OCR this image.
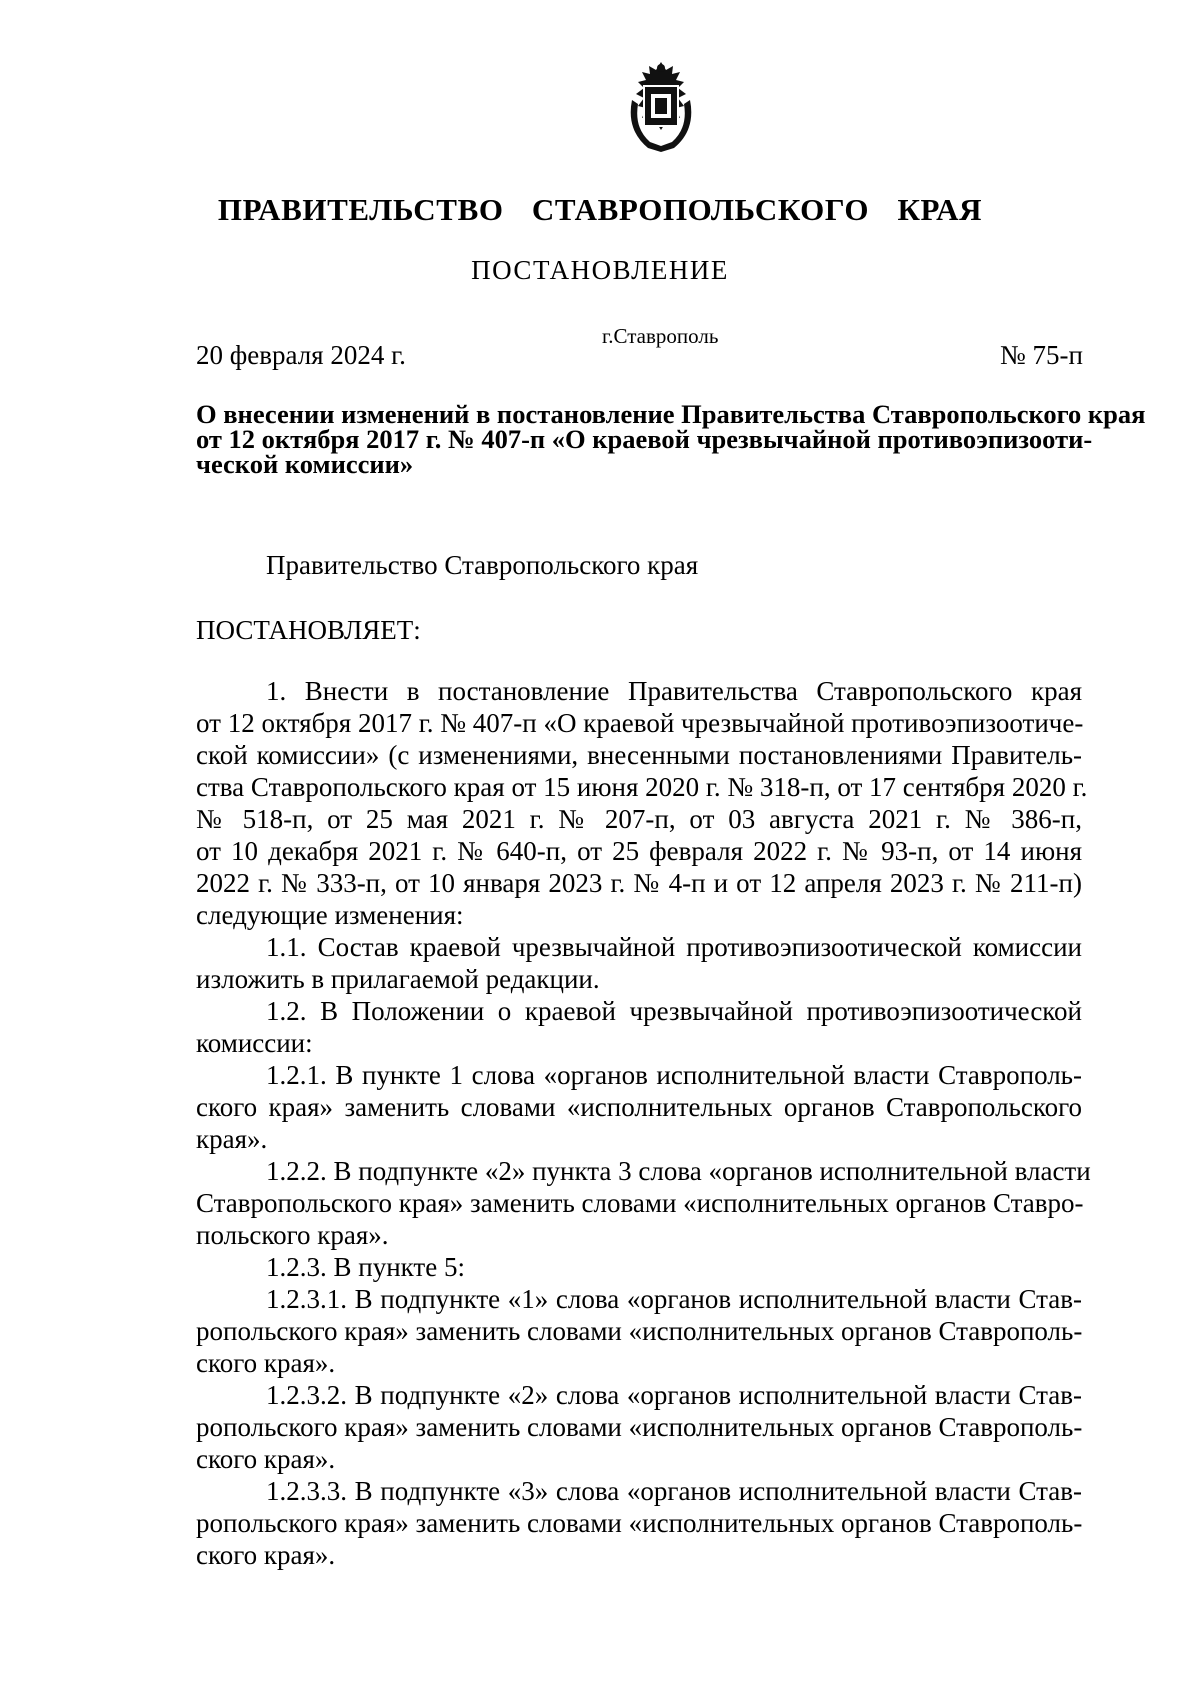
ПРАВИТЕЛЬСТВО СТАВРОПОЛЬСКОГО КРАЯ
ПОСТАНОВЛЕНИЕ
20 февраля 2024 г.
г.Ставрополь
№ 75-п
О внесении изменений в постановление Правительства Ставропольского края
от 12 октября 2017 г. № 407-п «О краевой чрезвычайной противоэпизооти-
ческой комиссии»
Правительство Ставропольского края
ПОСТАНОВЛЯЕТ:
1. Внести в постановление Правительства Ставропольского края
от 12 октября 2017 г. № 407-п «О краевой чрезвычайной противоэпизоотиче-
ской комиссии» (с изменениями, внесенными постановлениями Правитель-
ства Ставропольского края от 15 июня 2020 г. № 318-п, от 17 сентября 2020 г.
№ 518-п, от 25 мая 2021 г. № 207-п, от 03 августа 2021 г. № 386-п,
от 10 декабря 2021 г. № 640-п, от 25 февраля 2022 г. № 93-п, от 14 июня
2022 г. № 333-п, от 10 января 2023 г. № 4-п и от 12 апреля 2023 г. № 211-п)
следующие изменения:
1.1. Состав краевой чрезвычайной противоэпизоотической комиссии
изложить в прилагаемой редакции.
1.2. В Положении о краевой чрезвычайной противоэпизоотической
комиссии:
1.2.1. В пункте 1 слова «органов исполнительной власти Ставрополь-
ского края» заменить словами «исполнительных органов Ставропольского
края».
1.2.2. В подпункте «2» пункта 3 слова «органов исполнительной власти
Ставропольского края» заменить словами «исполнительных органов Ставро-
польского края».
1.2.3. В пункте 5:
1.2.3.1. В подпункте «1» слова «органов исполнительной власти Став-
ропольского края» заменить словами «исполнительных органов Ставрополь-
ского края».
1.2.3.2. В подпункте «2» слова «органов исполнительной власти Став-
ропольского края» заменить словами «исполнительных органов Ставрополь-
ского края».
1.2.3.3. В подпункте «3» слова «органов исполнительной власти Став-
ропольского края» заменить словами «исполнительных органов Ставрополь-
ского края».
